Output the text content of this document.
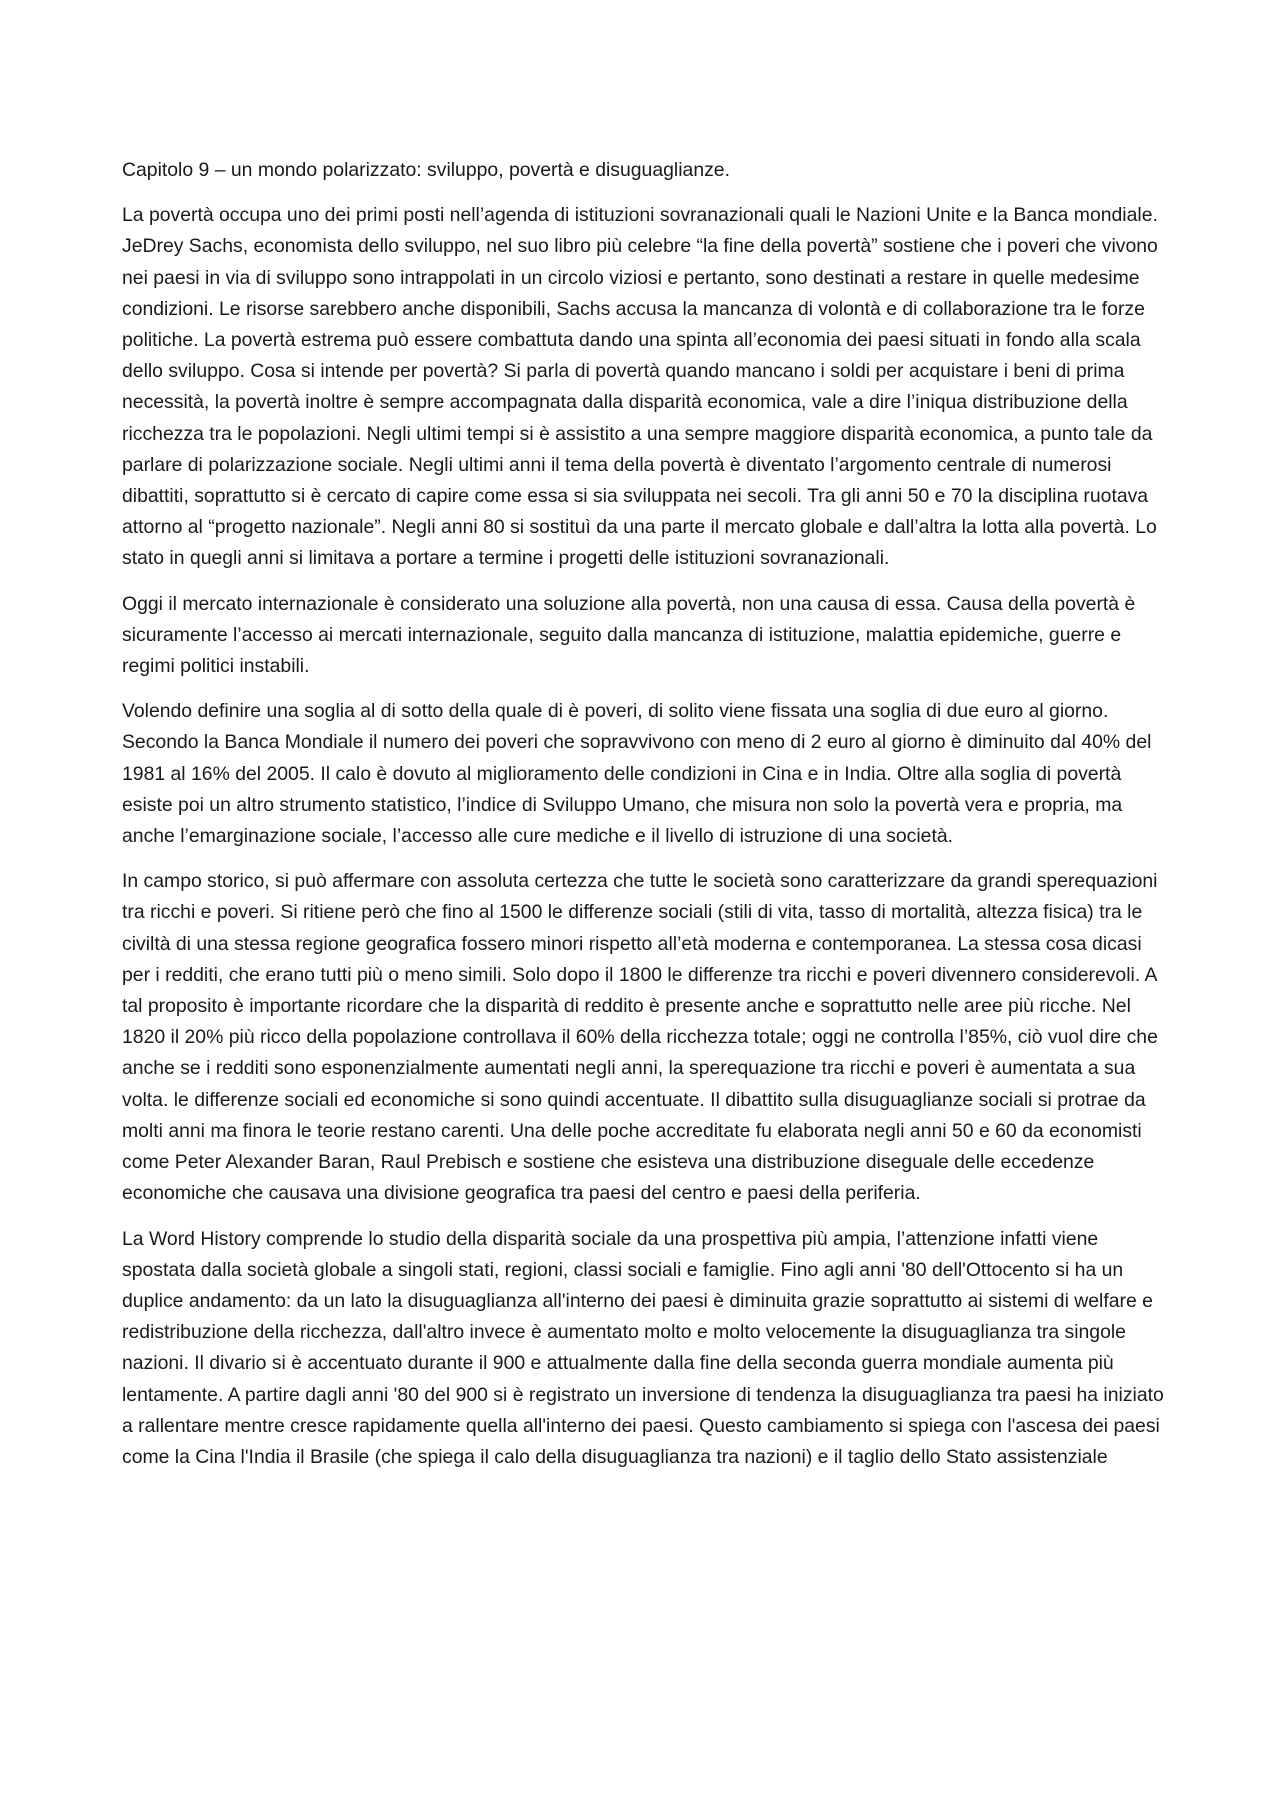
Capitolo 9 – un mondo polarizzato: sviluppo, povertà e disuguaglianze.

La povertà occupa uno dei primi posti nell’agenda di istituzioni sovranazionali quali le Nazioni Unite e la Banca mondiale. JeDrey Sachs, economista dello sviluppo, nel suo libro più celebre “la fine della povertà” sostiene che i poveri che vivono nei paesi in via di sviluppo sono intrappolati in un circolo viziosi e pertanto, sono destinati a restare in quelle medesime condizioni. Le risorse sarebbero anche disponibili, Sachs accusa la mancanza di volontà e di collaborazione tra le forze politiche. La povertà estrema può essere combattuta dando una spinta all’economia dei paesi situati in fondo alla scala dello sviluppo. Cosa si intende per povertà? Si parla di povertà quando mancano i soldi per acquistare i beni di prima necessità, la povertà inoltre è sempre accompagnata dalla disparità economica, vale a dire l’iniqua distribuzione della ricchezza tra le popolazioni. Negli ultimi tempi si è assistito a una sempre maggiore disparità economica, a punto tale da parlare di polarizzazione sociale. Negli ultimi anni il tema della povertà è diventato l’argomento centrale di numerosi dibattiti, soprattutto si è cercato di capire come essa si sia sviluppata nei secoli. Tra gli anni 50 e 70 la disciplina ruotava attorno al “progetto nazionale”. Negli anni 80 si sostituì da una parte il mercato globale e dall’altra la lotta alla povertà. Lo stato in quegli anni si limitava a portare a termine i progetti delle istituzioni sovranazionali.

Oggi il mercato internazionale è considerato una soluzione alla povertà, non una causa di essa. Causa della povertà è sicuramente l’accesso ai mercati internazionale, seguito dalla mancanza di istituzione, malattia epidemiche, guerre e regimi politici instabili.

Volendo definire una soglia al di sotto della quale di è poveri, di solito viene fissata una soglia di due euro al giorno. Secondo la Banca Mondiale il numero dei poveri che sopravvivono con meno di 2 euro al giorno è diminuito dal 40% del 1981 al 16% del 2005. Il calo è dovuto al miglioramento delle condizioni in Cina e in India. Oltre alla soglia di povertà esiste poi un altro strumento statistico, l’indice di Sviluppo Umano, che misura non solo la povertà vera e propria, ma anche l’emarginazione sociale, l’accesso alle cure mediche e il livello di istruzione di una società.

In campo storico, si può affermare con assoluta certezza che tutte le società sono caratterizzare da grandi sperequazioni tra ricchi e poveri. Si ritiene però che fino al 1500 le differenze sociali (stili di vita, tasso di mortalità, altezza fisica) tra le civiltà di una stessa regione geografica fossero minori rispetto all’età moderna e contemporanea. La stessa cosa dicasi per i redditi, che erano tutti più o meno simili. Solo dopo il 1800 le differenze tra ricchi e poveri divennero considerevoli. A tal proposito è importante ricordare che la disparità di reddito è presente anche e soprattutto nelle aree più ricche. Nel 1820 il 20% più ricco della popolazione controllava il 60% della ricchezza totale; oggi ne controlla l’85%, ciò vuol dire che anche se i redditi sono esponenzialmente aumentati negli anni, la sperequazione tra ricchi e poveri è aumentata a sua volta. le differenze sociali ed economiche si sono quindi accentuate. Il dibattito sulla disuguaglianze sociali si protrae da molti anni ma finora le teorie restano carenti. Una delle poche accreditate fu elaborata negli anni 50 e 60 da economisti come Peter Alexander Baran, Raul Prebisch e sostiene che esisteva una distribuzione diseguale delle eccedenze economiche che causava una divisione geografica tra paesi del centro e paesi della periferia.

La Word History comprende lo studio della disparità sociale da una prospettiva più ampia, l’attenzione infatti viene spostata dalla società globale a singoli stati, regioni, classi sociali e famiglie. Fino agli anni '80 dell'Ottocento si ha un duplice andamento: da un lato la disuguaglianza all'interno dei paesi è diminuita grazie soprattutto ai sistemi di welfare e redistribuzione della ricchezza, dall'altro invece è aumentato molto e molto velocemente la disuguaglianza tra singole nazioni. Il divario si è accentuato durante il 900 e attualmente dalla fine della seconda guerra mondiale aumenta più lentamente. A partire dagli anni '80 del 900 si è registrato un inversione di tendenza la disuguaglianza tra paesi ha iniziato a rallentare mentre cresce rapidamente quella all'interno dei paesi. Questo cambiamento si spiega con l'ascesa dei paesi come la Cina l'India il Brasile (che spiega il calo della disuguaglianza tra nazioni) e il taglio dello Stato assistenziale
